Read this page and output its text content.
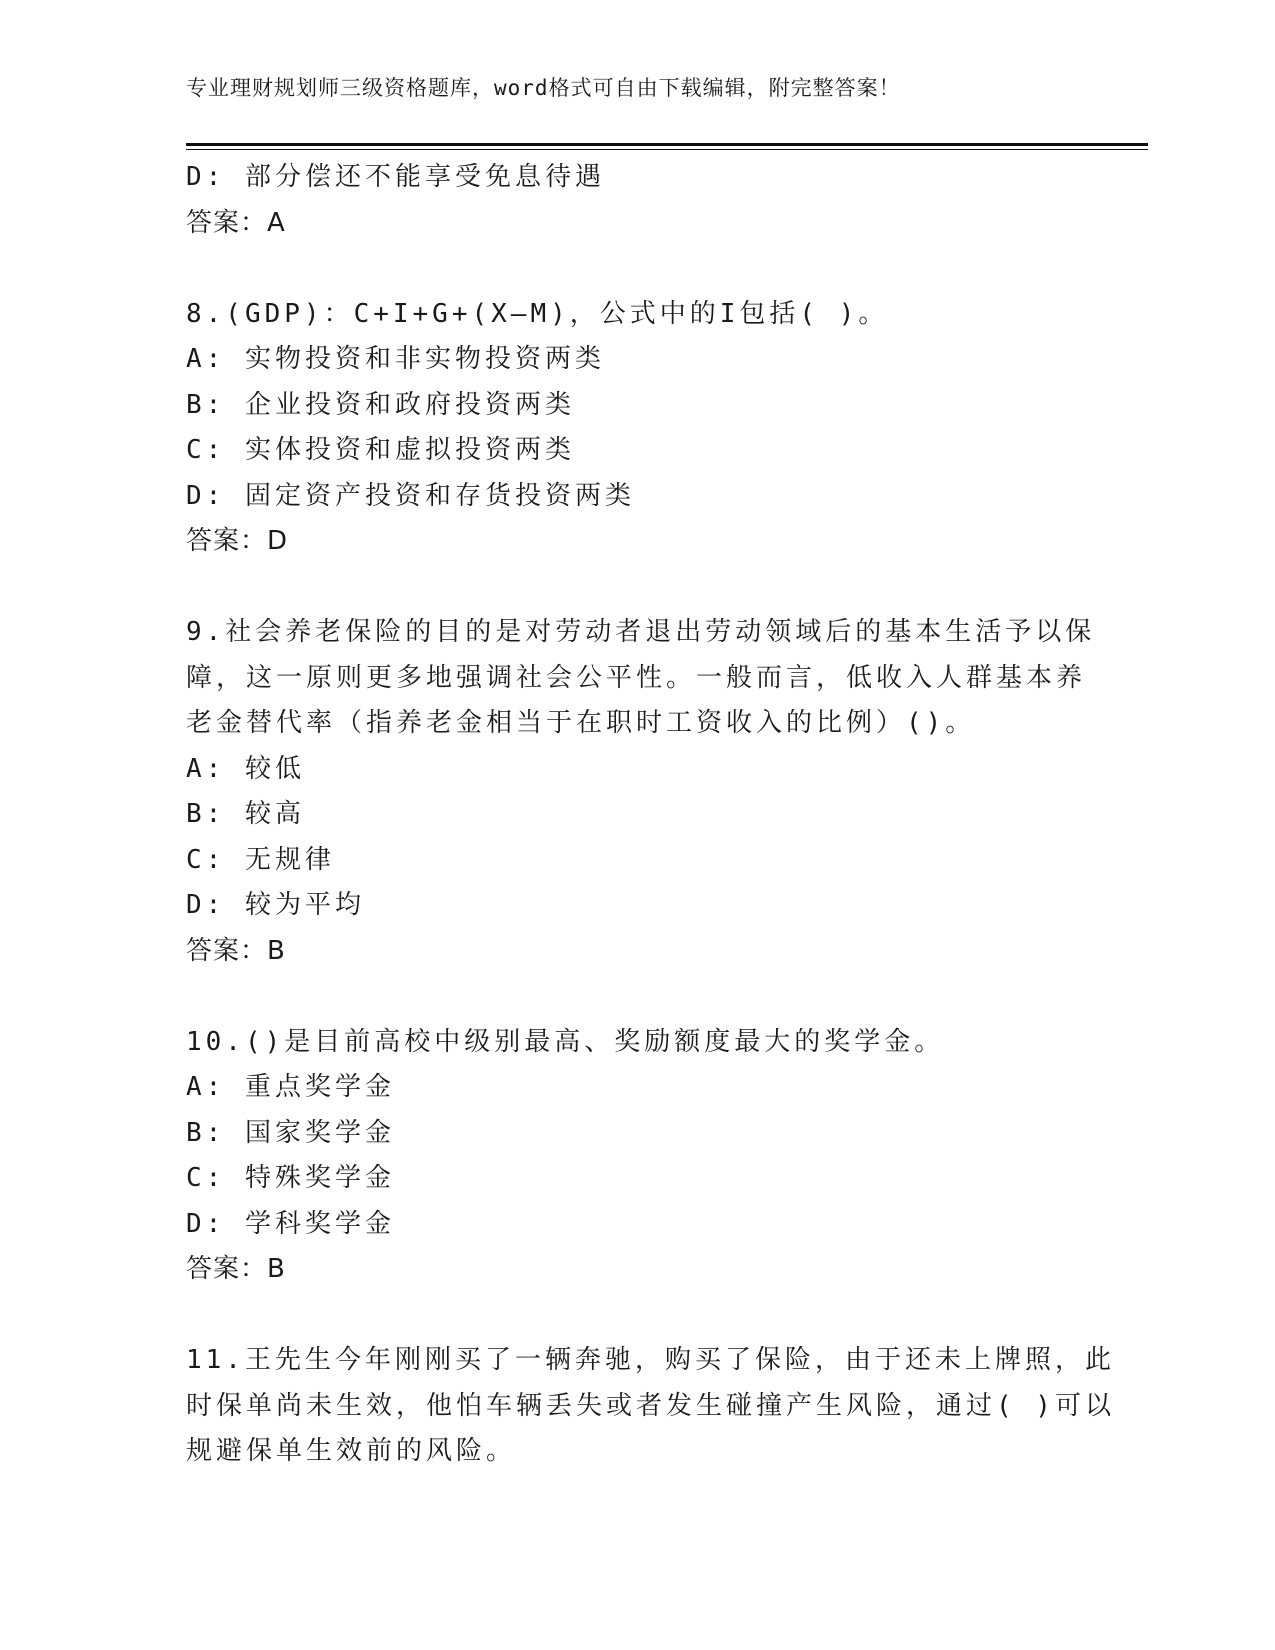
专业理财规划师三级资格题库，word格式可自由下载编辑，附完整答案！
D: 部分偿还不能享受免息待遇
答案：A
8.(GDP)：C+I+G+(X—M)，公式中的I包括( )。
A: 实物投资和非实物投资两类
B: 企业投资和政府投资两类
C: 实体投资和虚拟投资两类
D: 固定资产投资和存货投资两类
答案：D
9.社会养老保险的目的是对劳动者退出劳动领域后的基本生活予以保
障，这一原则更多地强调社会公平性。一般而言，低收入人群基本养
老金替代率（指养老金相当于在职时工资收入的比例）()。
A: 较低
B: 较高
C: 无规律
D: 较为平均
答案：B
10.()是目前高校中级别最高、奖励额度最大的奖学金。
A: 重点奖学金
B: 国家奖学金
C: 特殊奖学金
D: 学科奖学金
答案：B
11.王先生今年刚刚买了一辆奔驰，购买了保险，由于还未上牌照，此
时保单尚未生效，他怕车辆丢失或者发生碰撞产生风险，通过( )可以
规避保单生效前的风险。
